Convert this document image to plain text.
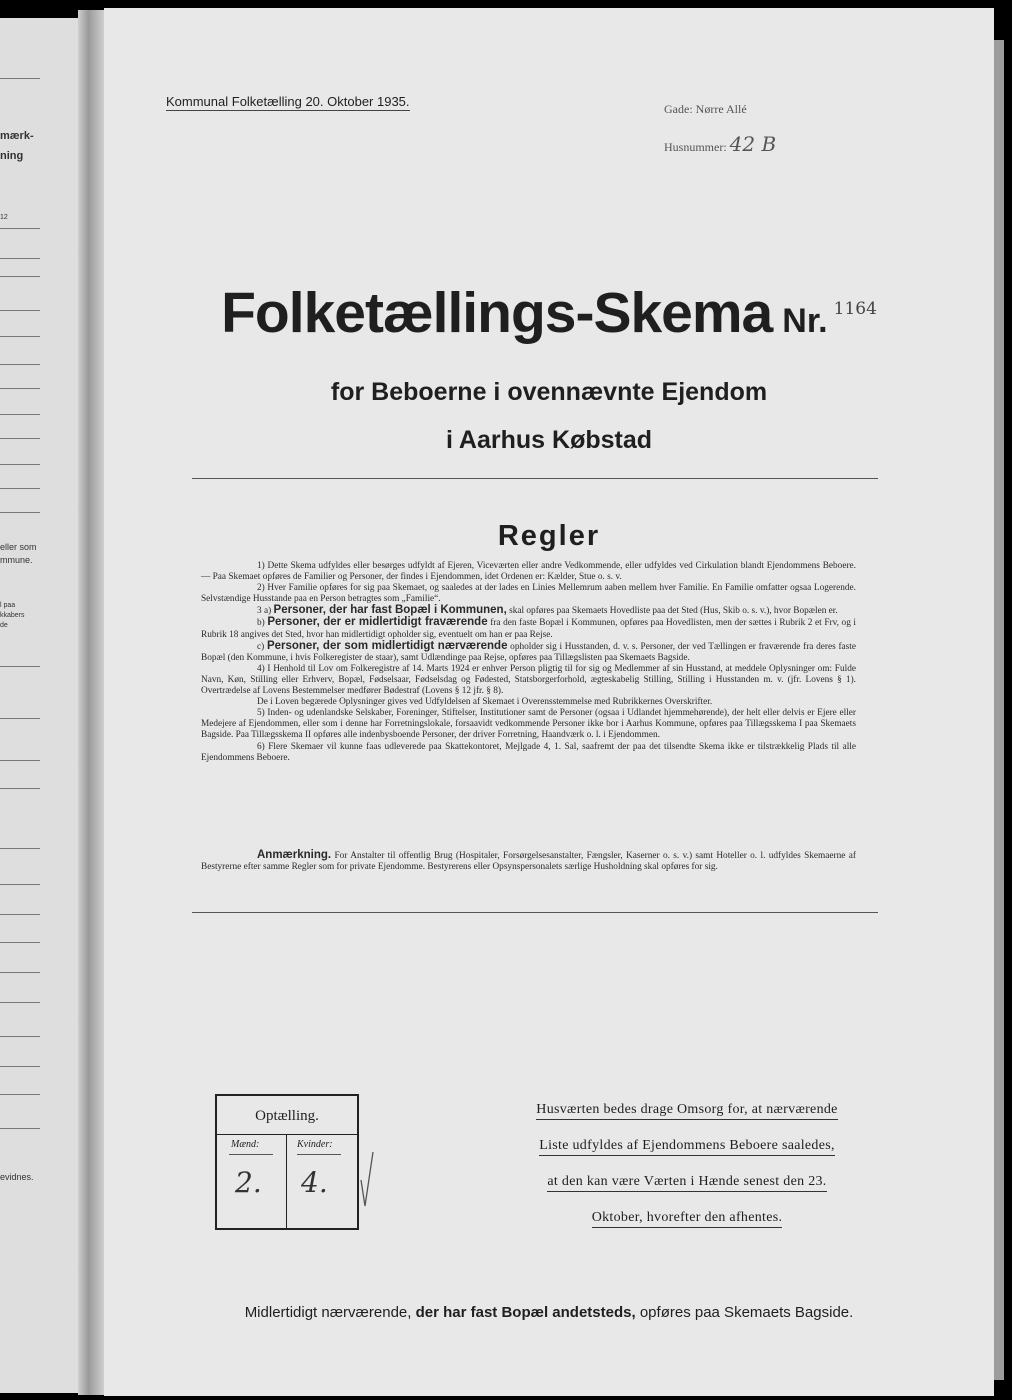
mærk-
ning
12
eller som
mmune.
l paa
kkabers
de
evidnes.
Kommunal Folketælling 20. Oktober 1935.	Gade: Nørre Allé
Husnummer: 42 B
Folketællings-Skema Nr. 1164
for Beboerne i ovennævnte Ejendom
i Aarhus Købstad
Regler

1) Dette Skema udfyldes eller besørges udfyldt af Ejeren, Viceværten eller andre Vedkommende, eller udfyldes ved Cirkulation blandt Ejendommens Beboere. — Paa Skemaet opføres de Familier og Personer, der findes i Ejendommen, idet Ordenen er: Kælder, Stue o. s. v.

2) Hver Familie opføres for sig paa Skemaet, og saaledes at der lades en Linies Mellemrum aaben mellem hver Familie. En Familie omfatter ogsaa Logerende. Selvstændige Husstande paa en Person betragtes som „Familie“.

3 a) Personer, der har fast Bopæl i Kommunen, skal opføres paa Skemaets Hovedliste paa det Sted (Hus, Skib o. s. v.), hvor Bopælen er.

b) Personer, der er midlertidigt fraværende fra den faste Bopæl i Kommunen, opføres paa Hovedlisten, men der sættes i Rubrik 2 et Frv, og i Rubrik 18 angives det Sted, hvor han midlertidigt opholder sig, eventuelt om han er paa Rejse.

c) Personer, der som midlertidigt nærværende opholder sig i Husstanden, d. v. s. Personer, der ved Tællingen er fraværende fra deres faste Bopæl (den Kommune, i hvis Folkeregister de staar), samt Udlændinge paa Rejse, opføres paa Tillægslisten paa Skemaets Bagside.

4) I Henhold til Lov om Folkeregistre af 14. Marts 1924 er enhver Person pligtig til for sig og Medlemmer af sin Husstand, at meddele Oplysninger om: Fulde Navn, Køn, Stilling eller Erhverv, Bopæl, Fødselsaar, Fødselsdag og Fødested, Statsborgerforhold, ægteskabelig Stilling, Stilling i Husstanden m. v. (jfr. Lovens § 1). Overtrædelse af Lovens Bestemmelser medfører Bødestraf (Lovens § 12 jfr. § 8).

De i Loven begærede Oplysninger gives ved Udfyldelsen af Skemaet i Overensstemmelse med Rubrikkernes Overskrifter.

5) Inden- og udenlandske Selskaber, Foreninger, Stiftelser, Institutioner samt de Personer (ogsaa i Udlandet hjemmehørende), der helt eller delvis er Ejere eller Medejere af Ejendommen, eller som i denne har Forretningslokale, forsaavidt vedkommende Personer ikke bor i Aarhus Kommune, opføres paa Tillægsskema I paa Skemaets Bagside. Paa Tillægsskema II opføres alle indenbysboende Personer, der driver Forretning, Haandværk o. l. i Ejendommen.

6) Flere Skemaer vil kunne faas udleverede paa Skattekontoret, Mejlgade 4, 1. Sal, saafremt der paa det tilsendte Skema ikke er tilstrækkelig Plads til alle Ejendommens Beboere.

Anmærkning. For Anstalter til offentlig Brug (Hospitaler, Forsørgelsesanstalter, Fængsler, Kaserner o. s. v.) samt Hoteller o. l. udfyldes Skemaerne af Bestyrerne efter samme Regler som for private Ejendomme. Bestyrerens eller Opsynspersonalets særlige Husholdning skal opføres for sig.

Optælling.
Mænd:	Kvinder:
2. 4.
Husværten bedes drage Omsorg for, at nærværende
Liste udfyldes af Ejendommens Beboere saaledes,
at den kan være Værten i Hænde senest den 23.
Oktober, hvorefter den afhentes.
Midlertidigt nærværende, der har fast Bopæl andetsteds, opføres paa Skemaets Bagside.
